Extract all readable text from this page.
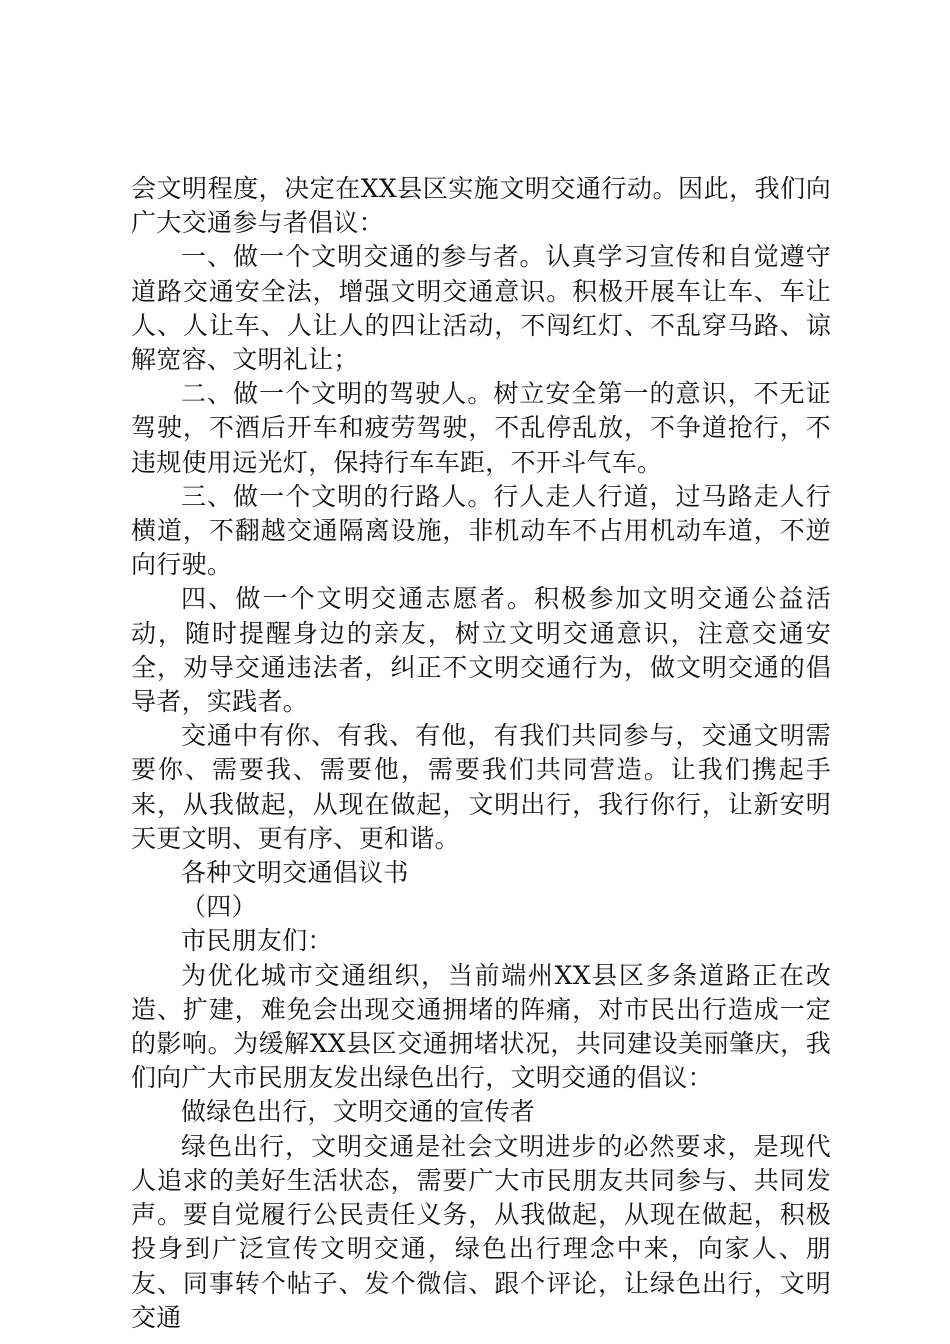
会文明程度，决定在XX县区实施文明交通行动。因此，我们向广大交通参与者倡议：

一、做一个文明交通的参与者。认真学习宣传和自觉遵守道路交通安全法，增强文明交通意识。积极开展车让车、车让人、人让车、人让人的四让活动，不闯红灯、不乱穿马路、谅解宽容、文明礼让；

二、做一个文明的驾驶人。树立安全第一的意识，不无证驾驶，不酒后开车和疲劳驾驶，不乱停乱放，不争道抢行，不违规使用远光灯，保持行车车距，不开斗气车。

三、做一个文明的行路人。行人走人行道，过马路走人行横道，不翻越交通隔离设施，非机动车不占用机动车道，不逆向行驶。

四、做一个文明交通志愿者。积极参加文明交通公益活动，随时提醒身边的亲友，树立文明交通意识，注意交通安全，劝导交通违法者，纠正不文明交通行为，做文明交通的倡导者，实践者。

交通中有你、有我、有他，有我们共同参与，交通文明需要你、需要我、需要他，需要我们共同营造。让我们携起手来，从我做起，从现在做起，文明出行，我行你行，让新安明天更文明、更有序、更和谐。

各种文明交通倡议书

（四）

市民朋友们：

为优化城市交通组织，当前端州XX县区多条道路正在改造、扩建，难免会出现交通拥堵的阵痛，对市民出行造成一定的影响。为缓解XX县区交通拥堵状况，共同建设美丽肇庆，我们向广大市民朋友发出绿色出行，文明交通的倡议：

做绿色出行，文明交通的宣传者

绿色出行，文明交通是社会文明进步的必然要求，是现代人追求的美好生活状态，需要广大市民朋友共同参与、共同发声。要自觉履行公民责任义务，从我做起，从现在做起，积极投身到广泛宣传文明交通，绿色出行理念中来，向家人、朋友、同事转个帖子、发个微信、跟个评论，让绿色出行，文明交通
